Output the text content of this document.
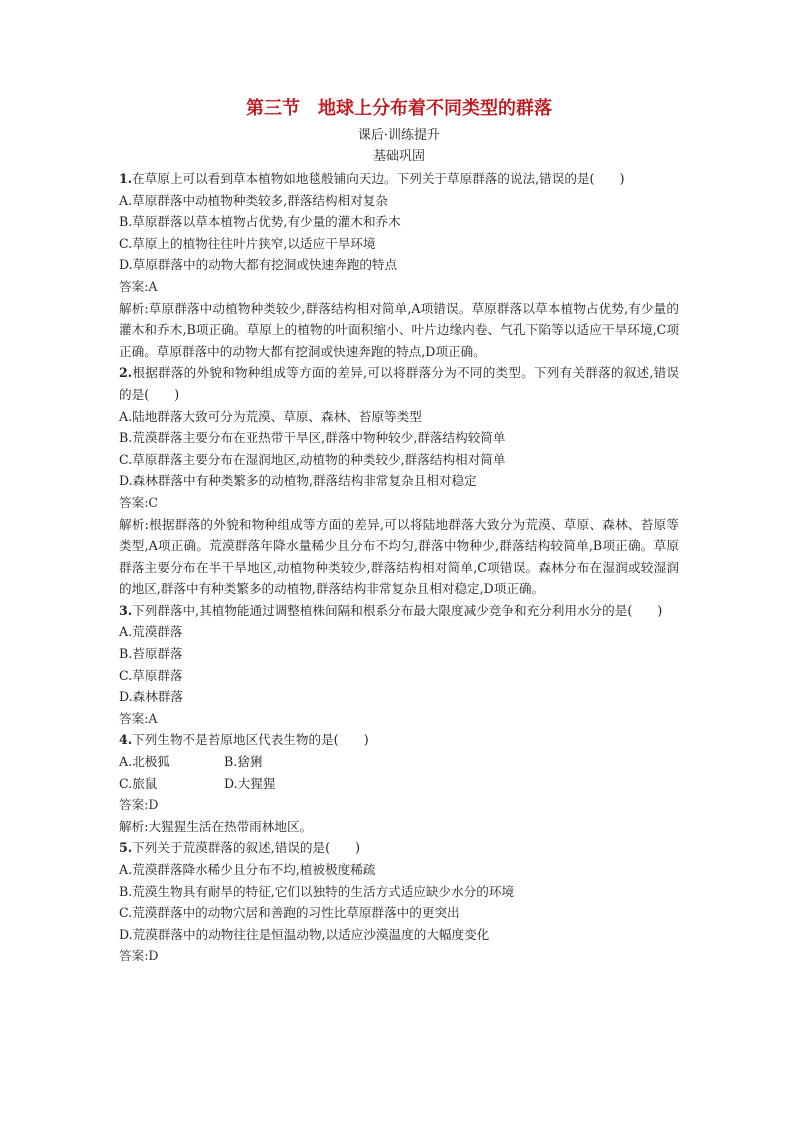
第三节　地球上分布着不同类型的群落
课后·训练提升
基础巩固
1.在草原上可以看到草本植物如地毯般铺向天边。下列关于草原群落的说法,错误的是(　　)
A.草原群落中动植物种类较多,群落结构相对复杂
B.草原群落以草本植物占优势,有少量的灌木和乔木
C.草原上的植物往往叶片狭窄,以适应干旱环境
D.草原群落中的动物大都有挖洞或快速奔跑的特点
答案:A
解析:草原群落中动植物种类较少,群落结构相对简单,A项错误。草原群落以草本植物占优势,有少量的灌木和乔木,B项正确。草原上的植物的叶面积缩小、叶片边缘内卷、气孔下陷等以适应干旱环境,C项正确。草原群落中的动物大都有挖洞或快速奔跑的特点,D项正确。
2.根据群落的外貌和物种组成等方面的差异,可以将群落分为不同的类型。下列有关群落的叙述,错误的是(　　)
A.陆地群落大致可分为荒漠、草原、森林、苔原等类型
B.荒漠群落主要分布在亚热带干旱区,群落中物种较少,群落结构较简单
C.草原群落主要分布在湿润地区,动植物的种类较少,群落结构相对简单
D.森林群落中有种类繁多的动植物,群落结构非常复杂且相对稳定
答案:C
解析:根据群落的外貌和物种组成等方面的差异,可以将陆地群落大致分为荒漠、草原、森林、苔原等类型,A项正确。荒漠群落年降水量稀少且分布不均匀,群落中物种少,群落结构较简单,B项正确。草原群落主要分布在半干旱地区,动植物种类较少,群落结构相对简单,C项错误。森林分布在湿润或较湿润的地区,群落中有种类繁多的动植物,群落结构非常复杂且相对稳定,D项正确。
3.下列群落中,其植物能通过调整植株间隔和根系分布最大限度减少竞争和充分利用水分的是(　　)
A.荒漠群落
B.苔原群落
C.草原群落
D.森林群落
答案:A
4.下列生物不是苔原地区代表生物的是(　　)
A.北极狐	B.猞猁
C.旅鼠	D.大猩猩
答案:D
解析:大猩猩生活在热带雨林地区。
5.下列关于荒漠群落的叙述,错误的是(　　)
A.荒漠群落降水稀少且分布不均,植被极度稀疏
B.荒漠生物具有耐旱的特征,它们以独特的生活方式适应缺少水分的环境
C.荒漠群落中的动物穴居和善跑的习性比草原群落中的更突出
D.荒漠群落中的动物往往是恒温动物,以适应沙漠温度的大幅度变化
答案:D
